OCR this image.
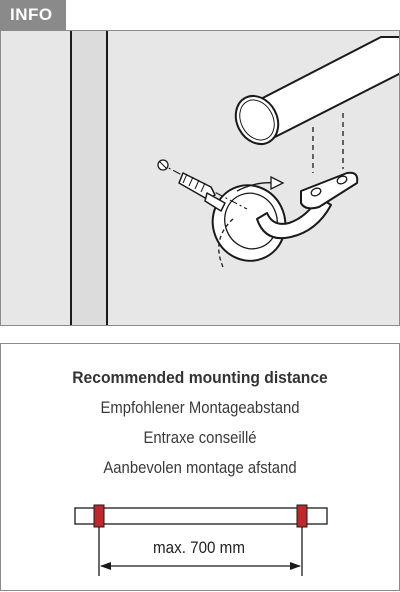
INFO
Recommended mounting distance
Empfohlener Montageabstand
Entraxe conseillé
Aanbevolen montage afstand
max. 700 mm
